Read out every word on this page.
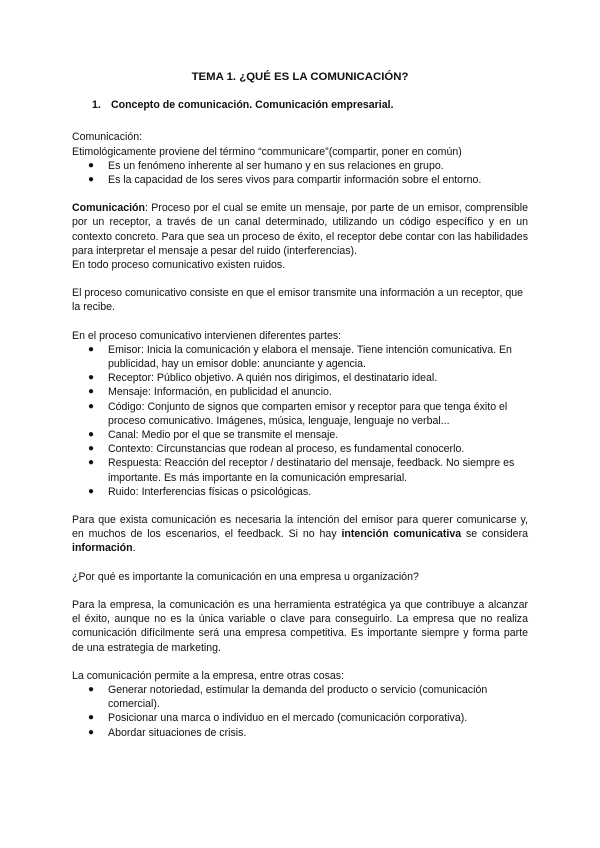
TEMA 1. ¿QUÉ ES LA COMUNICACIÓN?
1. Concepto de comunicación. Comunicación empresarial.

Comunicación:

Etimológicamente proviene del término “communicare”(compartir, poner en común)

● Es un fenómeno inherente al ser humano y en sus relaciones en grupo.
● Es la capacidad de los seres vivos para compartir información sobre el entorno.

Comunicación: Proceso por el cual se emite un mensaje, por parte de un emisor, comprensible por un receptor, a través de un canal determinado, utilizando un código específico y en un contexto concreto. Para que sea un proceso de éxito, el receptor debe contar con las habilidades para interpretar el mensaje a pesar del ruido (interferencias).

En todo proceso comunicativo existen ruidos.

El proceso comunicativo consiste en que el emisor transmite una información a un receptor, que la recibe.

En el proceso comunicativo intervienen diferentes partes:

● Emisor: Inicia la comunicación y elabora el mensaje. Tiene intención comunicativa. En publicidad, hay un emisor doble: anunciante y agencia.
● Receptor: Público objetivo. A quién nos dirigimos, el destinatario ideal.
● Mensaje: Información, en publicidad el anuncio.
● Código: Conjunto de signos que comparten emisor y receptor para que tenga éxito el proceso comunicativo. Imágenes, música, lenguaje, lenguaje no verbal...
● Canal: Medio por el que se transmite el mensaje.
● Contexto: Circunstancias que rodean al proceso, es fundamental conocerlo.
● Respuesta: Reacción del receptor / destinatario del mensaje, feedback. No siempre es importante. Es más importante en la comunicación empresarial.
● Ruido: Interferencias físicas o psicológicas.

Para que exista comunicación es necesaria la intención del emisor para querer comunicarse y, en muchos de los escenarios, el feedback. Si no hay intención comunicativa se considera información.

¿Por qué es importante la comunicación en una empresa u organización?

Para la empresa, la comunicación es una herramienta estratégica ya que contribuye a alcanzar el éxito, aunque no es la única variable o clave para conseguirlo. La empresa que no realiza comunicación difícilmente será una empresa competitiva. Es importante siempre y forma parte de una estrategia de marketing.

La comunicación permite a la empresa, entre otras cosas:

● Generar notoriedad, estimular la demanda del producto o servicio (comunicación comercial).
● Posicionar una marca o individuo en el mercado (comunicación corporativa).
● Abordar situaciones de crisis.
